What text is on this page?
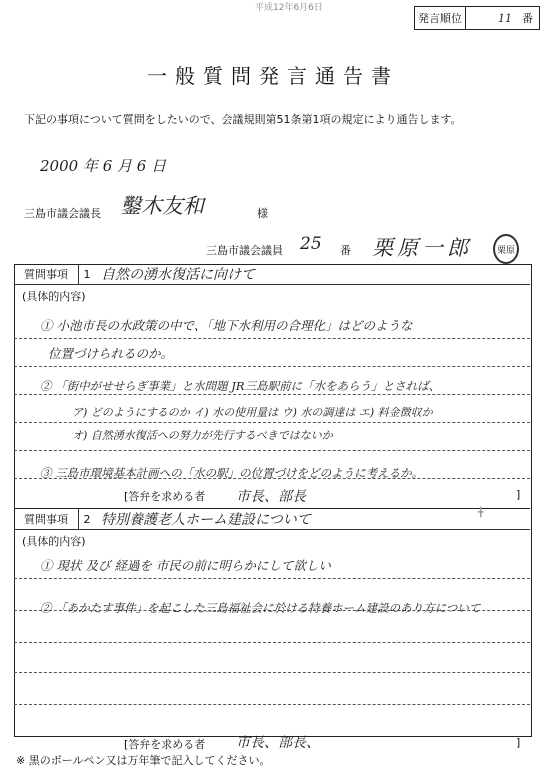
平成12年6月6日
発言順位	11 番
一般質問発言通告書
下記の事項について質問をしたいので、会議規則第51条第1項の規定により通告します。
2000 年 6 月 6 日
三島市議会議長 鑿木友和	様
三島市議会議員 25 番 栗原一郎	栗原
質問事項	1 自然の湧水復活に向けて
(具体的内容)
① 小池市長の水政策の中で、「地下水利用の合理化」はどのような
位置づけられるのか。
② 「街中がせせらぎ事業」と水問題 JR三島駅前に「水をあらう」とされば、
ア) どのようにするのか イ) 水の使用量は ウ) 水の調達は エ) 料金徴収か
オ) 自然湧水復活への努力が先行するべきではないか
③ 三島市環境基本計画への「水の駅」の位置づけをどのように考えるか。
[答弁を求める者 市長、部長	]
╋
質問事項	2 特別養護老人ホーム建設について
(具体的内容)
① 現状 及び 経過を 市民の前に明らかにして欲しい
② 「あかたす事件」を起こした三島福祉会に於ける特養ホーム建設のあり方について
[答弁を求める者 市長、部長、	]
※ 黒のボールペン又は万年筆で記入してください。
